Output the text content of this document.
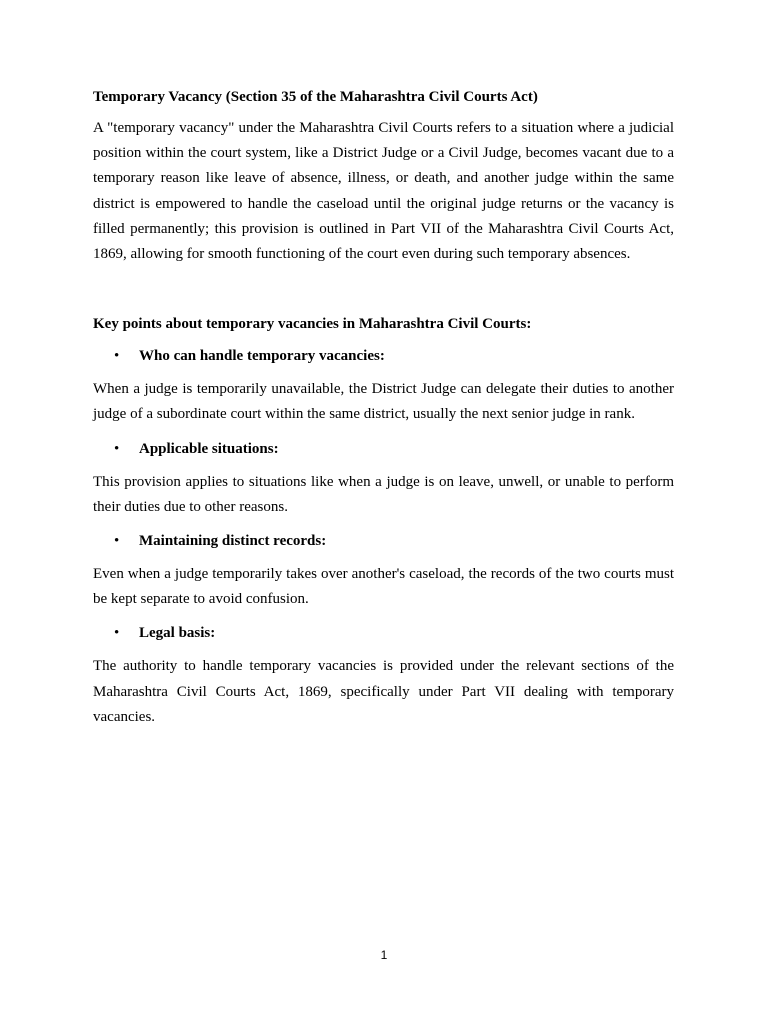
Temporary Vacancy (Section 35 of the Maharashtra Civil Courts Act)

A "temporary vacancy" under the Maharashtra Civil Courts refers to a situation where a judicial position within the court system, like a District Judge or a Civil Judge, becomes vacant due to a temporary reason like leave of absence, illness, or death, and another judge within the same district is empowered to handle the caseload until the original judge returns or the vacancy is filled permanently; this provision is outlined in Part VII of the Maharashtra Civil Courts Act, 1869, allowing for smooth functioning of the court even during such temporary absences.

Key points about temporary vacancies in Maharashtra Civil Courts:
• Who can handle temporary vacancies:

When a judge is temporarily unavailable, the District Judge can delegate their duties to another judge of a subordinate court within the same district, usually the next senior judge in rank.

• Applicable situations:

This provision applies to situations like when a judge is on leave, unwell, or unable to perform their duties due to other reasons.

• Maintaining distinct records:

Even when a judge temporarily takes over another's caseload, the records of the two courts must be kept separate to avoid confusion.

• Legal basis:

The authority to handle temporary vacancies is provided under the relevant sections of the Maharashtra Civil Courts Act, 1869, specifically under Part VII dealing with temporary vacancies.

1
